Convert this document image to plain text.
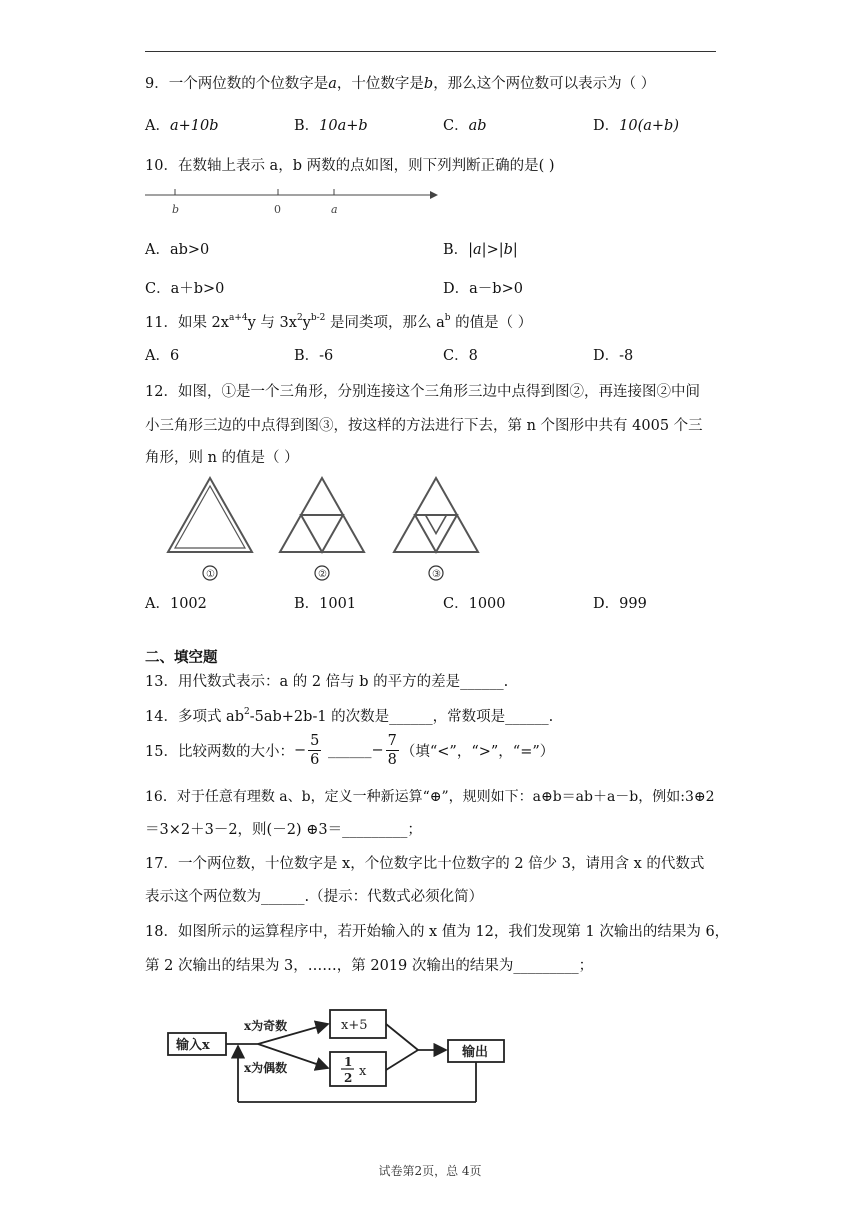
9．一个两位数的个位数字是a，十位数字是b，那么这个两位数可以表示为（ ）
A．a+10b	B．10a+b	C．ab	D．10(a+b)
10．在数轴上表示 a，b 两数的点如图，则下列判断正确的是( )
b	0	a
A．ab>0	B．|a|>|b|
C．a＋b>0	D．a－b>0
11．如果 $2x^{a+4}y$ 与 $3x^2y^{b-2}$ 是同类项，那么 $a^b$ 的值是（ ）
A．6	B．-6	C．8	D．-8
12．如图，①是一个三角形，分别连接这个三角形三边中点得到图②，再连接图②中间
小三角形三边的中点得到图③，按这样的方法进行下去，第 n 个图形中共有 4005 个三
角形，则 n 的值是（ ）
①	②	③
A．1002	B．1001	C．1000	D．999
二、填空题
13．用代数式表示：a 的 2 倍与 b 的平方的差是______.
14．多项式 $ab^2-5ab+2b-1$ 的次数是______，常数项是______.
15．比较两数的大小：− $\frac{5}{6}$ ______− $\frac{7}{8}$ （填“<”，“>”，“=”）
16．对于任意有理数 a、b，定义一种新运算“⊕”，规则如下：a⊕b＝ab＋a－b，例如:3⊕2
＝3×2＋3－2，则(－2) ⊕3＝_________；
17．一个两位数，十位数字是 x，个位数字比十位数字的 2 倍少 3，请用含 x 的代数式
表示这个两位数为______.（提示：代数式必须化简）
18．如图所示的运算程序中，若开始输入的 x 值为 12，我们发现第 1 次输出的结果为 6，
第 2 次输出的结果为 3，……，第 2019 次输出的结果为_________；
输入x
x为奇数
x为偶数
x+5
1
2 x
输出
试卷第2页，总 4页
